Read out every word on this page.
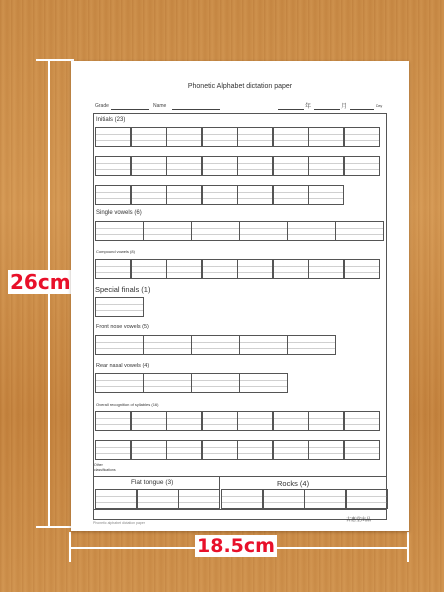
26cm
18.5cm
Phonetic Alphabet dictation paper
Grade	Name	年	月	Day
Initials (23)
Single vowels (6)
Compound vowels (8)
Special finals (1)
Front nose vowels (5)
Rear nasal vowels (4)
Overall recognition of syllables (16)
Other
classifications
Flat tongue (3)	Rocks (4)
Phonetic alphabet dictation paper	古惠堂出品
